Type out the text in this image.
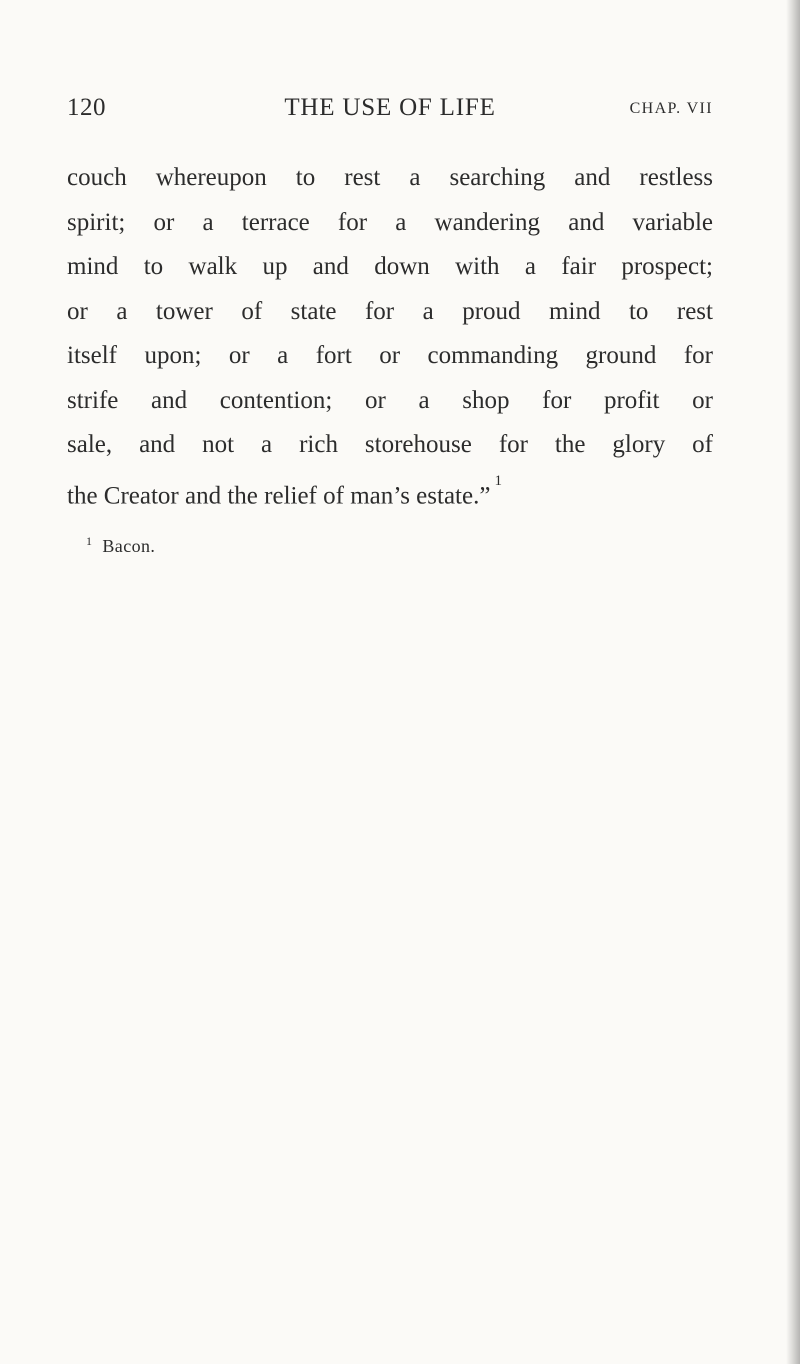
120	THE USE OF LIFE	CHAP. VII
couch whereupon to rest a searching and restless
spirit; or a terrace for a wandering and variable
mind to walk up and down with a fair prospect;
or a tower of state for a proud mind to rest
itself upon; or a fort or commanding ground for
strife and contention; or a shop for profit or
sale, and not a rich storehouse for the glory of
the Creator and the relief of man’s estate.”$^1$
$^1$ Bacon.
